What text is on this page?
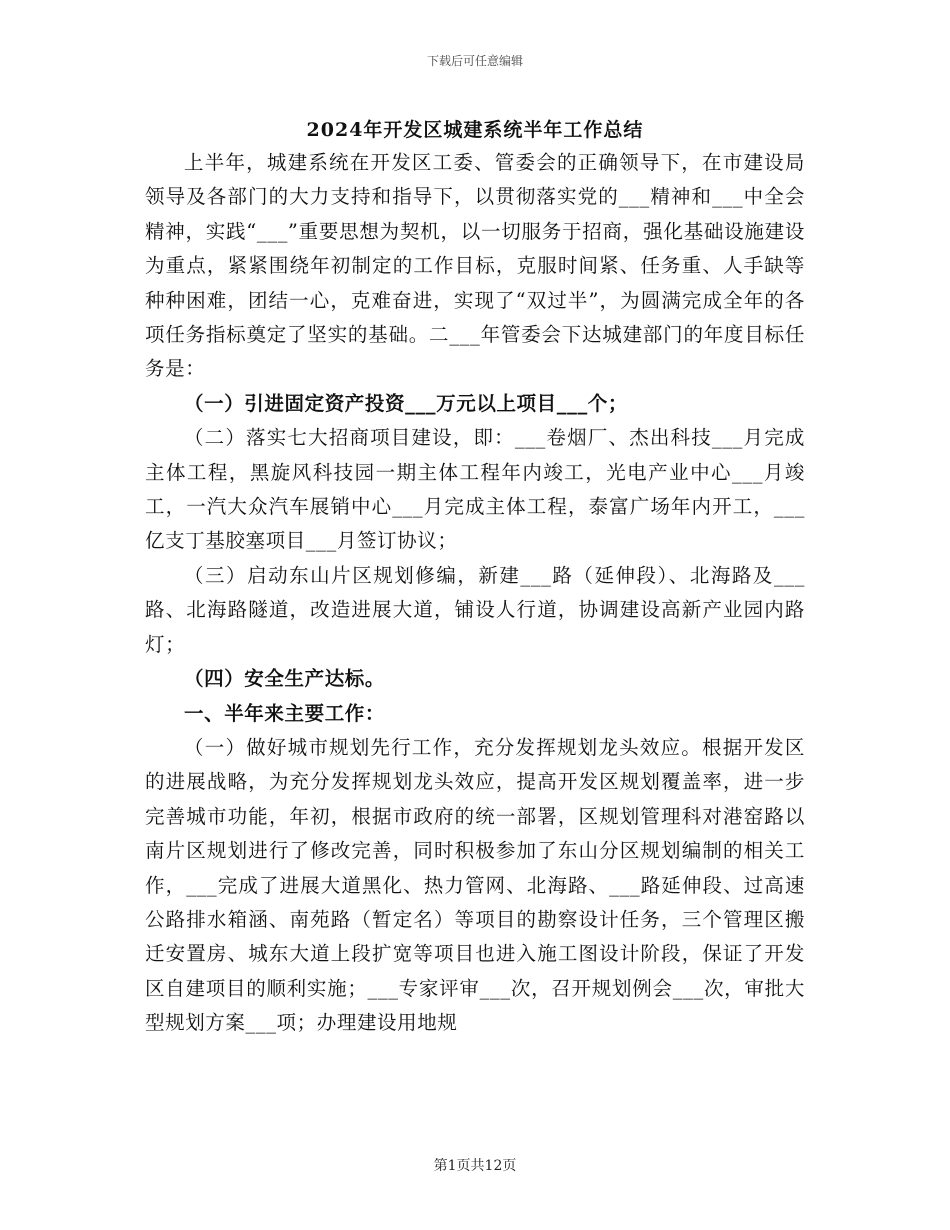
下载后可任意编辑
2024年开发区城建系统半年工作总结

上半年，城建系统在开发区工委、管委会的正确领导下，在市建设局领导及各部门的大力支持和指导下，以贯彻落实党的___精神和___中全会精神，实践“___”重要思想为契机，以一切服务于招商，强化基础设施建设为重点，紧紧围绕年初制定的工作目标，克服时间紧、任务重、人手缺等种种困难，团结一心，克难奋进，实现了“双过半”，为圆满完成全年的各项任务指标奠定了坚实的基础。二___年管委会下达城建部门的年度目标任务是：

（一）引进固定资产投资___万元以上项目___个；

（二）落实七大招商项目建设，即：___卷烟厂、杰出科技___月完成主体工程，黑旋风科技园一期主体工程年内竣工，光电产业中心___月竣工，一汽大众汽车展销中心___月完成主体工程，泰富广场年内开工，___亿支丁基胶塞项目___月签订协议；

（三）启动东山片区规划修编，新建___路（延伸段）、北海路及___路、北海路隧道，改造进展大道，铺设人行道，协调建设高新产业园内路灯；

（四）安全生产达标。

一、半年来主要工作：

（一）做好城市规划先行工作，充分发挥规划龙头效应。根据开发区的进展战略，为充分发挥规划龙头效应，提高开发区规划覆盖率，进一步完善城市功能，年初，根据市政府的统一部署，区规划管理科对港窑路以南片区规划进行了修改完善，同时积极参加了东山分区规划编制的相关工作，___完成了进展大道黑化、热力管网、北海路、___路延伸段、过高速公路排水箱涵、南苑路（暂定名）等项目的勘察设计任务，三个管理区搬迁安置房、城东大道上段扩宽等项目也进入施工图设计阶段，保证了开发区自建项目的顺利实施；___专家评审___次，召开规划例会___次，审批大型规划方案___项；办理建设用地规

第1页共12页
